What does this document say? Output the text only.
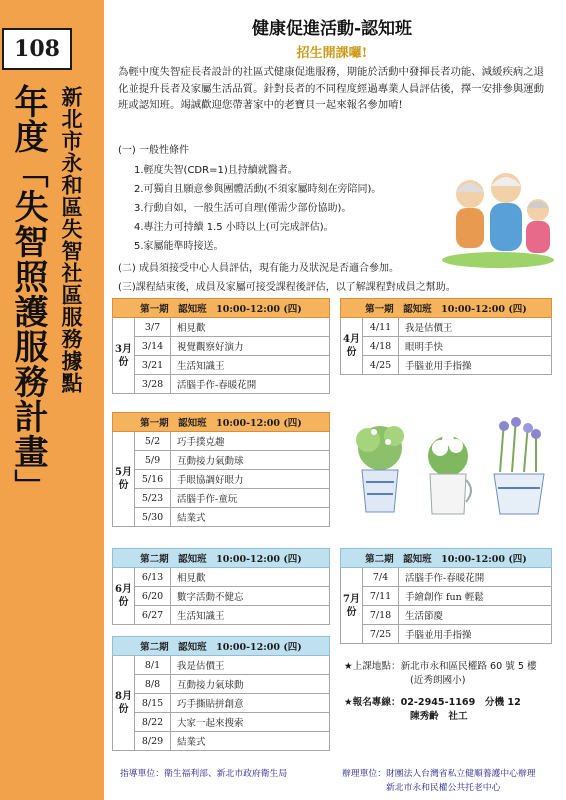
108
年度「失智照護服務計畫」 新北市永和區失智社區服務據點
健康促進活動-認知班
招生開課囉!
為輕中度失智症長者設計的社區式健康促進服務，期能於活動中發揮長者功能、減緩疾病之退化並提升長者及家屬生活品質。針對長者的不同程度經過專業人員評估後，擇一安排參與運動班或認知班。竭誠歡迎您帶著家中的老寶貝一起來報名參加唷!
(一) 一般性條件
1.輕度失智(CDR=1)且持續就醫者。
2.可獨自且願意參與團體活動(不須家屬時刻在旁陪同)。
3.行動自如，一般生活可自理(僅需少部份協助)。
4.專注力可持續 1.5 小時以上(可完成評估)。
5.家屬能準時接送。
(二) 成員須接受中心人員評估，現有能力及狀況是否適合參加。
(三)課程結束後，成員及家屬可接受課程後評估，以了解課程對成員之幫助。
第一期　認知班　10:00-12:00 (四)		
3月份	3/7	相見歡
	3/14	視覺觀察好演力
	3/21	生活知識王
	3/28	活腦手作-春暖花開
第一期　認知班　10:00-12:00 (四)		
4月份	4/11	我是估價王
	4/18	眼明手快
	4/25	手腦並用手指操
第一期　認知班　10:00-12:00 (四)		
5月份	5/2	巧手撲克趣
	5/9	互動接力氣動球
	5/16	手眼協調好眼力
	5/23	活腦手作-童玩
	5/30	結業式
第二期　認知班　10:00-12:00 (四)		
6月份	6/13	相見歡
	6/20	數字活動不健忘
	6/27	生活知識王
第二期　認知班　10:00-12:00 (四)		
7月份	7/4	活腦手作-春暖花開
	7/11	手繪創作 fun 輕鬆
	7/18	生活節慶
	7/25	手腦並用手指操
第二期　認知班　10:00-12:00 (四)		
8月份	8/1	我是估價王
	8/8	互動接力氣球動
	8/15	巧手撕貼拼創意
	8/22	大家一起來搜索
	8/29	結業式
★上課地點：新北市永和區民權路 60 號 5 樓
(近秀朗國小)
★報名專線：02-2945-1169　分機 12
陳秀齡　社工
指導單位：衛生福利部、新北市政府衛生局	辦理單位：財團法人台灣省私立健順養護中心辦理
新北市永和民權公共托老中心
